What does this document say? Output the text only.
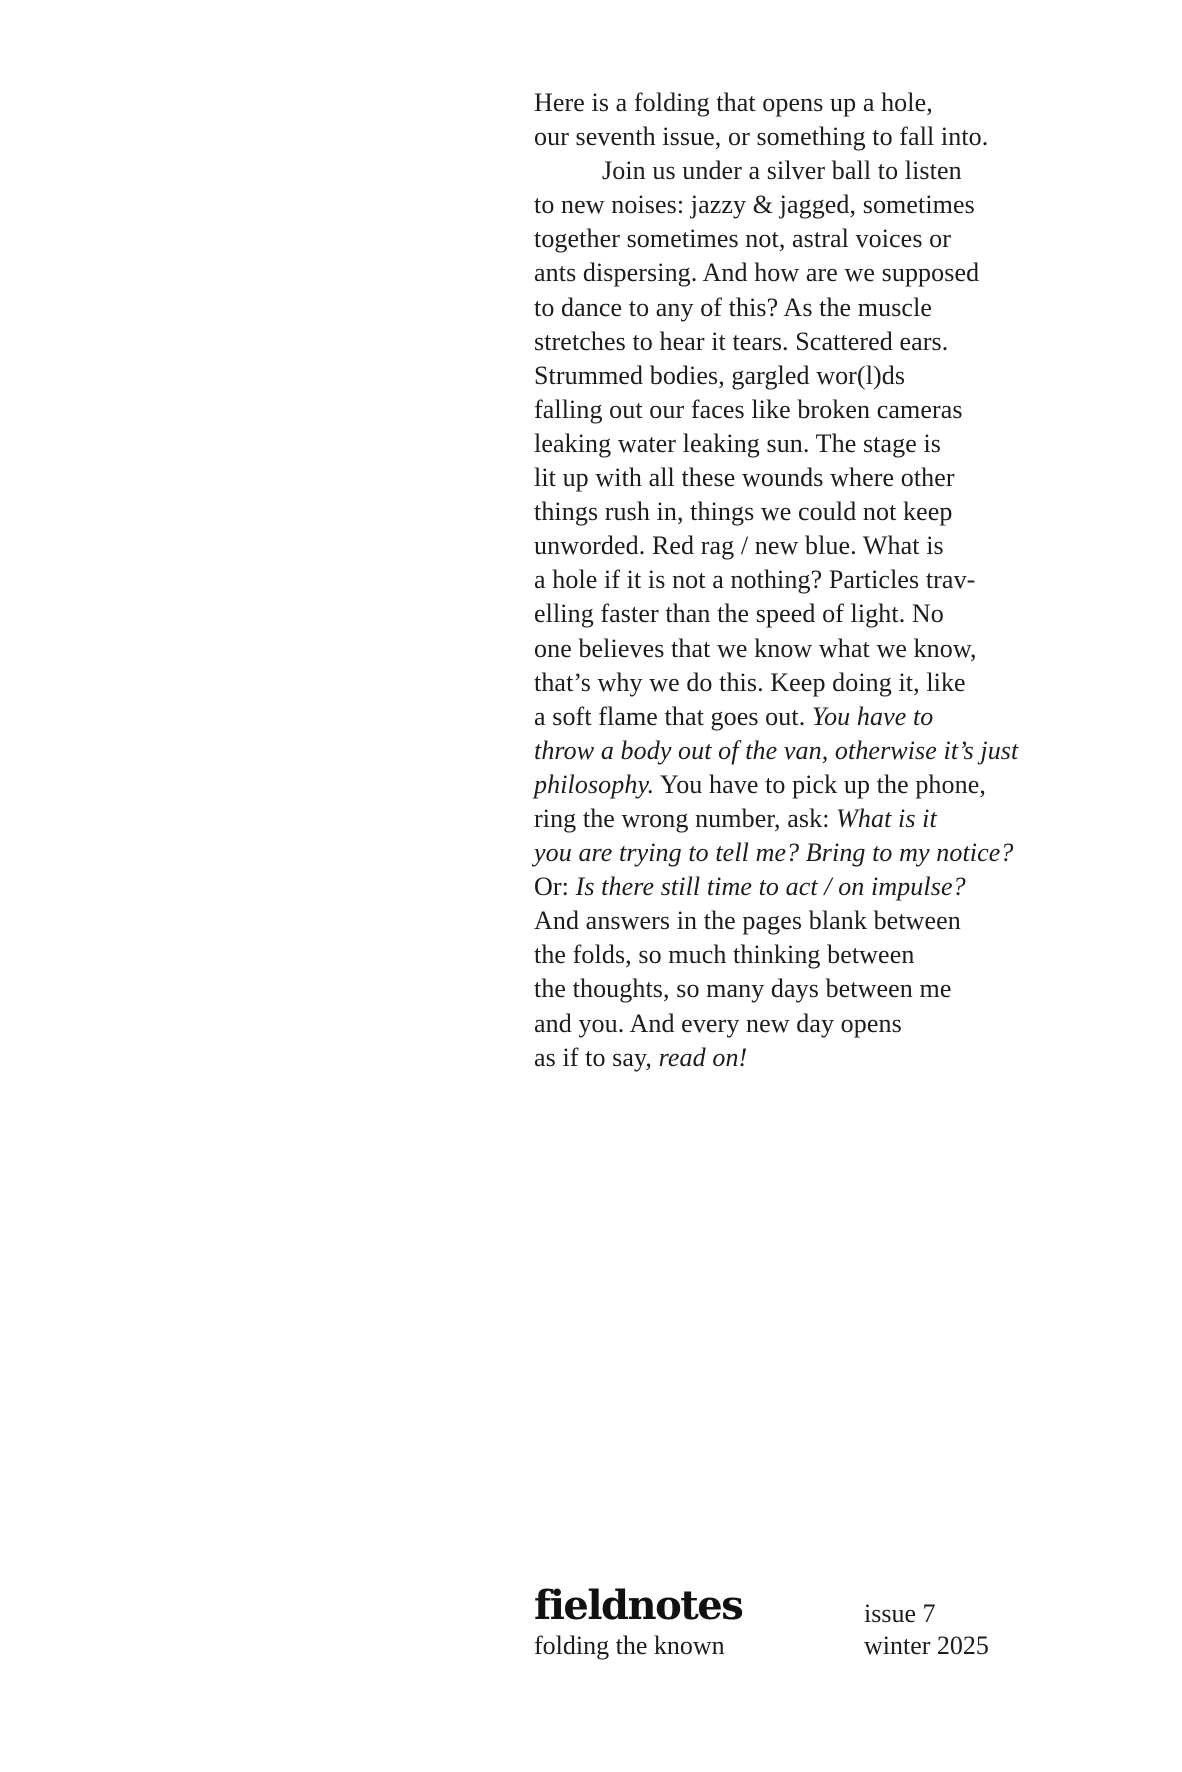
Here is a folding that opens up a hole,
our seventh issue, or something to fall into.
Join us under a silver ball to listen
to new noises: jazzy & jagged, sometimes
together sometimes not, astral voices or
ants dispersing. And how are we supposed
to dance to any of this? As the muscle
stretches to hear it tears. Scattered ears.
Strummed bodies, gargled wor(l)ds
falling out our faces like broken cameras
leaking water leaking sun. The stage is
lit up with all these wounds where other
things rush in, things we could not keep
unworded. Red rag / new blue. What is
a hole if it is not a nothing? Particles trav-
elling faster than the speed of light. No
one believes that we know what we know,
that’s why we do this. Keep doing it, like
a soft flame that goes out. You have to
throw a body out of the van, otherwise it’s just
philosophy. You have to pick up the phone,
ring the wrong number, ask: What is it
you are trying to tell me? Bring to my notice?
Or: Is there still time to act / on impulse?
And answers in the pages blank between
the folds, so much thinking between
the thoughts, so many days between me
and you. And every new day opens
as if to say, read on!
fieldnotes
folding the known
issue 7
winter 2025
